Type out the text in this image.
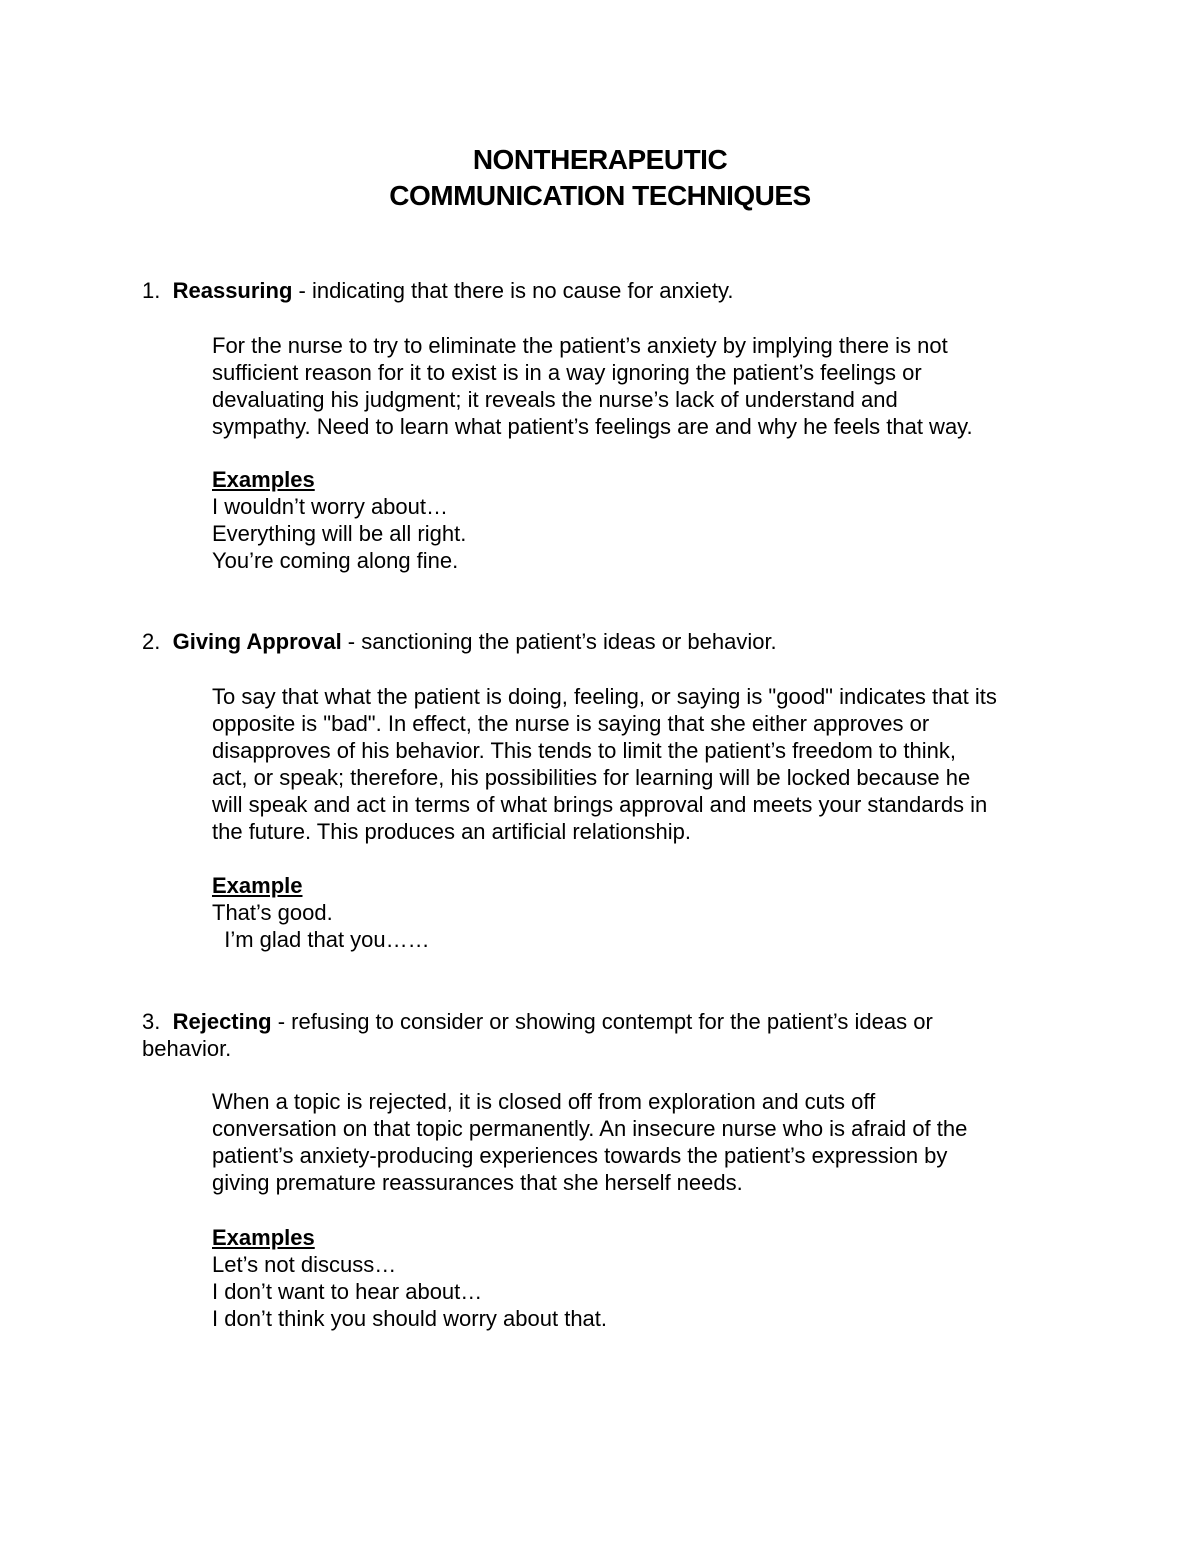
NONTHERAPEUTIC
COMMUNICATION TECHNIQUES
1. Reassuring - indicating that there is no cause for anxiety.
For the nurse to try to eliminate the patient’s anxiety by implying there is not
sufficient reason for it to exist is in a way ignoring the patient’s feelings or
devaluating his judgment; it reveals the nurse’s lack of understand and
sympathy. Need to learn what patient’s feelings are and why he feels that way.
Examples
I wouldn’t worry about…
Everything will be all right.
You’re coming along fine.
2. Giving Approval - sanctioning the patient’s ideas or behavior.
To say that what the patient is doing, feeling, or saying is "good" indicates that its
opposite is "bad". In effect, the nurse is saying that she either approves or
disapproves of his behavior. This tends to limit the patient’s freedom to think,
act, or speak; therefore, his possibilities for learning will be locked because he
will speak and act in terms of what brings approval and meets your standards in
the future. This produces an artificial relationship.
Example
That’s good.
I’m glad that you……
3. Rejecting - refusing to consider or showing contempt for the patient’s ideas or
behavior.
When a topic is rejected, it is closed off from exploration and cuts off
conversation on that topic permanently. An insecure nurse who is afraid of the
patient’s anxiety-producing experiences towards the patient’s expression by
giving premature reassurances that she herself needs.
Examples
Let’s not discuss…
I don’t want to hear about…
I don’t think you should worry about that.
